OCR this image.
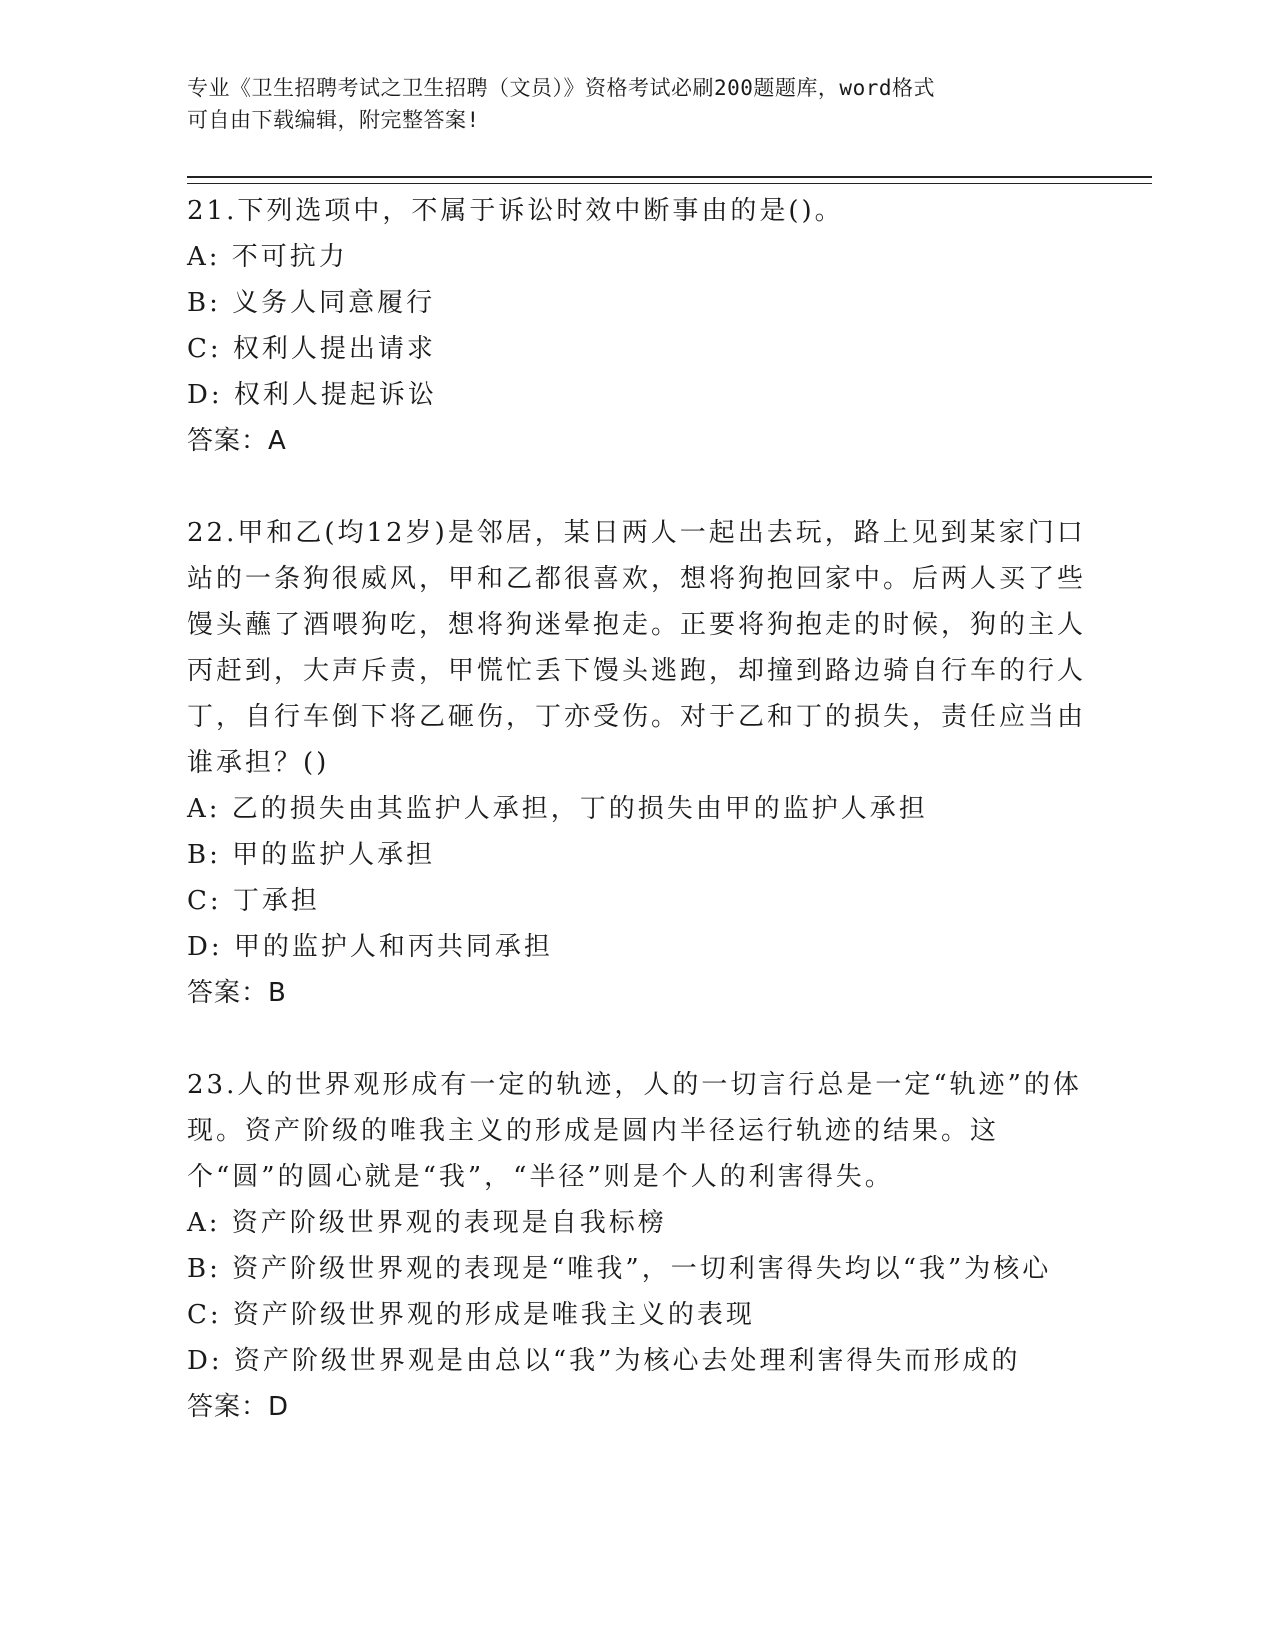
专业《卫生招聘考试之卫生招聘（文员）》资格考试必刷200题题库，word格式
可自由下载编辑，附完整答案!

21.下列选项中，不属于诉讼时效中断事由的是()。

A: 不可抗力

B: 义务人同意履行

C: 权利人提出请求

D: 权利人提起诉讼

答案：A

22.甲和乙(均12岁)是邻居，某日两人一起出去玩，路上见到某家门口站的一条狗很威风，甲和乙都很喜欢，想将狗抱回家中。后两人买了些馒头蘸了酒喂狗吃，想将狗迷晕抱走。正要将狗抱走的时候，狗的主人丙赶到，大声斥责，甲慌忙丢下馒头逃跑，却撞到路边骑自行车的行人丁，自行车倒下将乙砸伤，丁亦受伤。对于乙和丁的损失，责任应当由谁承担？()

A: 乙的损失由其监护人承担，丁的损失由甲的监护人承担

B: 甲的监护人承担

C: 丁承担

D: 甲的监护人和丙共同承担

答案：B

23.人的世界观形成有一定的轨迹，人的一切言行总是一定“轨迹”的体现。资产阶级的唯我主义的形成是圆内半径运行轨迹的结果。这个“圆”的圆心就是“我”，“半径”则是个人的利害得失。

A: 资产阶级世界观的表现是自我标榜

B: 资产阶级世界观的表现是“唯我”，一切利害得失均以“我”为核心

C: 资产阶级世界观的形成是唯我主义的表现

D: 资产阶级世界观是由总以“我”为核心去处理利害得失而形成的

答案：D
